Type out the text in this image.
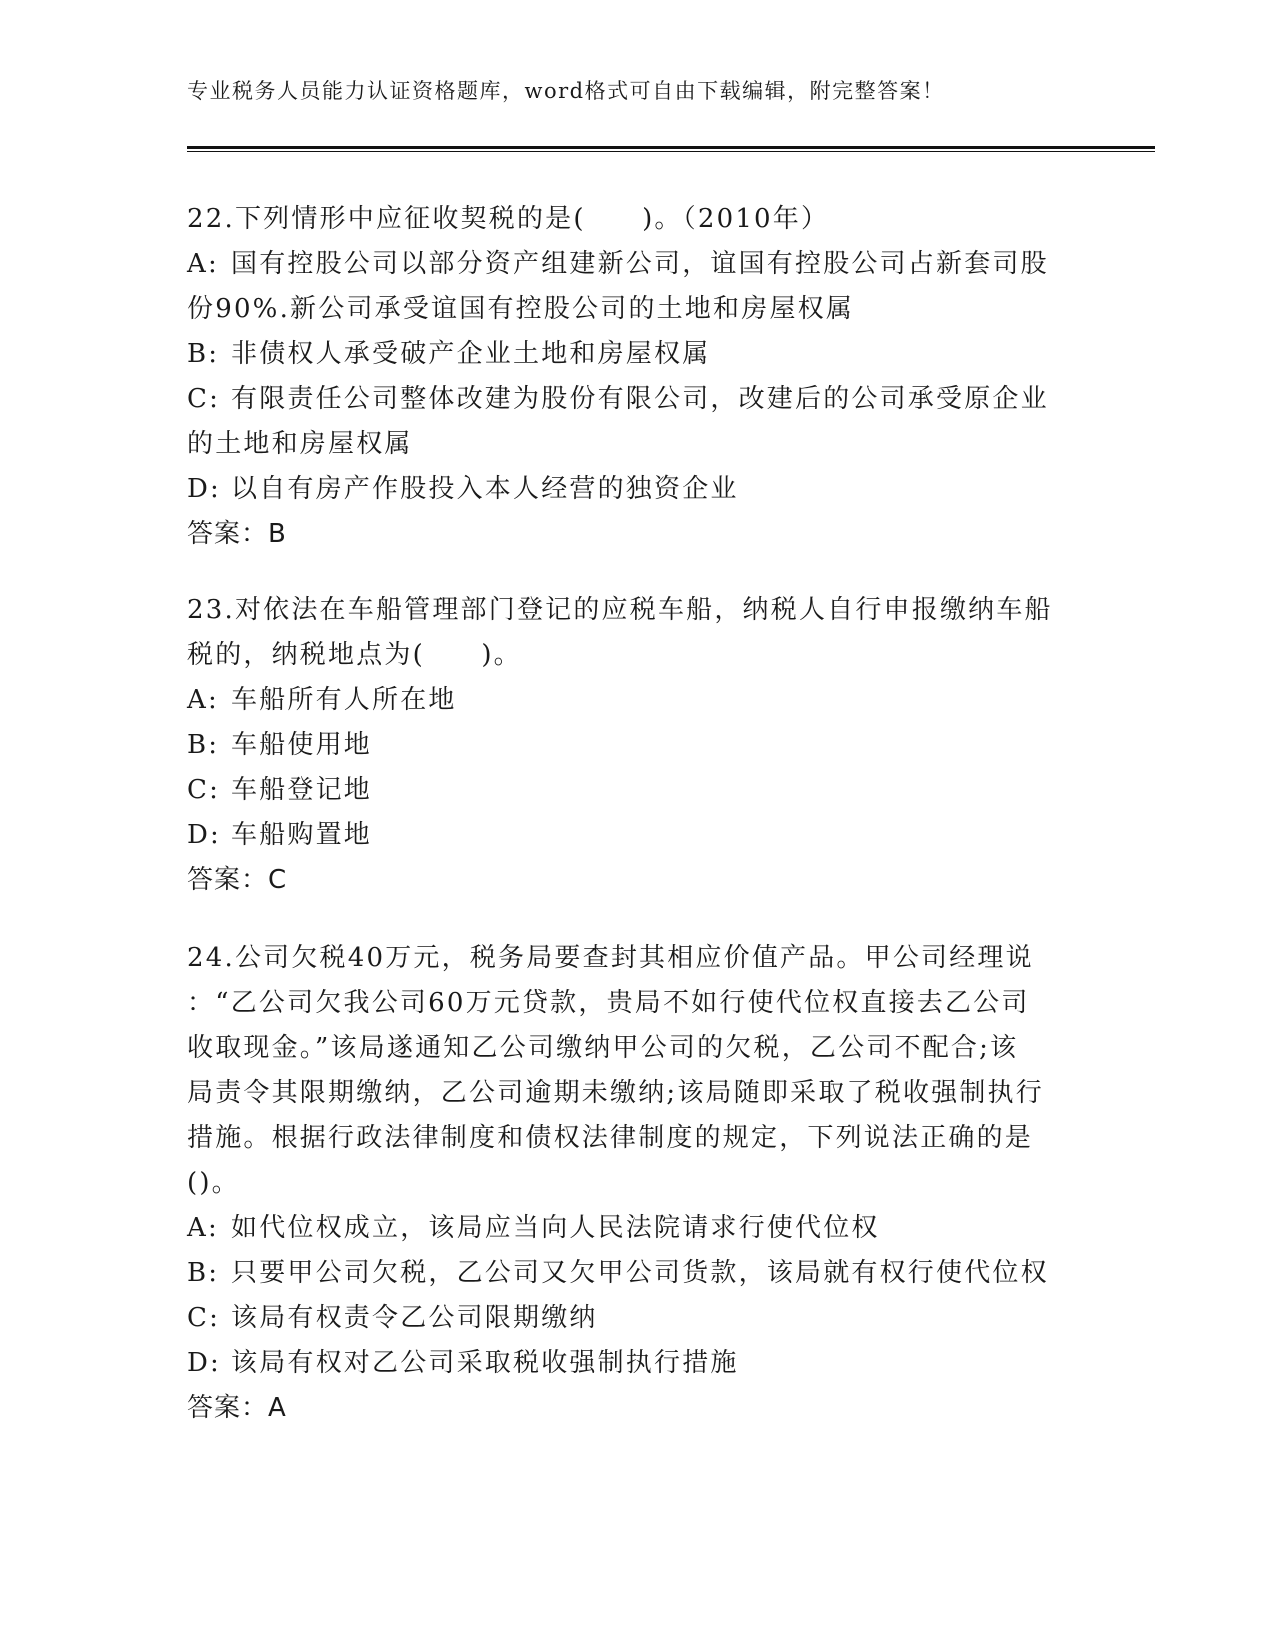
专业税务人员能力认证资格题库，word格式可自由下载编辑，附完整答案！
22.下列情形中应征收契税的是(　　)。（2010年）
A: 国有控股公司以部分资产组建新公司，谊国有控股公司占新套司股
份90%.新公司承受谊国有控股公司的土地和房屋权属
B: 非债权人承受破产企业土地和房屋权属
C: 有限责任公司整体改建为股份有限公司，改建后的公司承受原企业
的土地和房屋权属
D: 以自有房产作股投入本人经营的独资企业
答案：B
23.对依法在车船管理部门登记的应税车船，纳税人自行申报缴纳车船
税的，纳税地点为(　　)。
A: 车船所有人所在地
B: 车船使用地
C: 车船登记地
D: 车船购置地
答案：C
24.公司欠税40万元，税务局要查封其相应价值产品。甲公司经理说
：“乙公司欠我公司60万元贷款，贵局不如行使代位权直接去乙公司
收取现金。”该局遂通知乙公司缴纳甲公司的欠税，乙公司不配合;该
局责令其限期缴纳，乙公司逾期未缴纳;该局随即采取了税收强制执行
措施。根据行政法律制度和债权法律制度的规定，下列说法正确的是
()。
A: 如代位权成立，该局应当向人民法院请求行使代位权
B: 只要甲公司欠税，乙公司又欠甲公司货款，该局就有权行使代位权
C: 该局有权责令乙公司限期缴纳
D: 该局有权对乙公司采取税收强制执行措施
答案：A
